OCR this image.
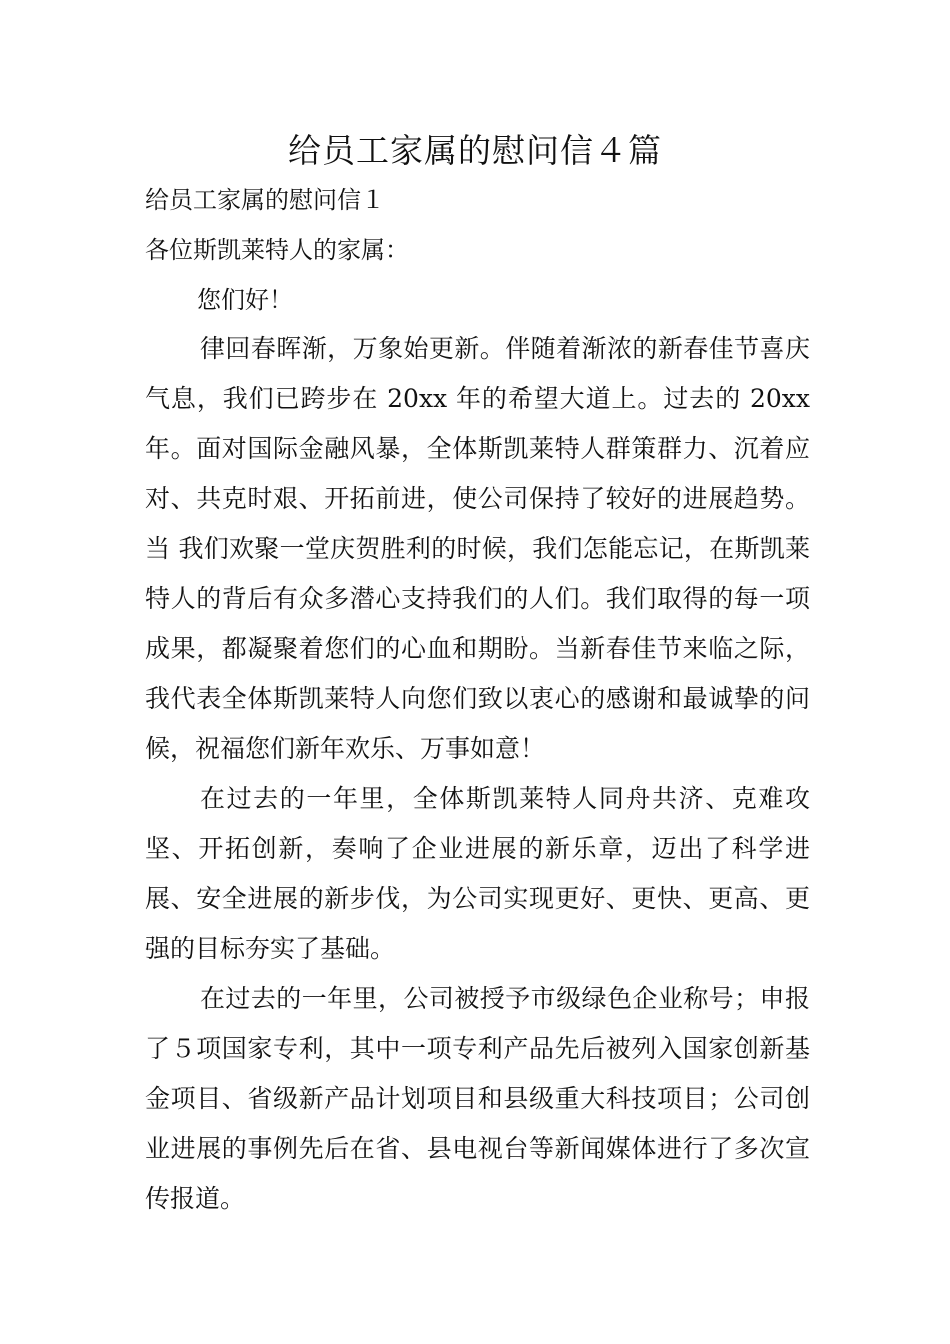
给员工家属的慰问信４篇
给员工家属的慰问信１
各位斯凯莱特人的家属：
您们好！

律回春晖渐，万象始更新。伴随着渐浓的新春佳节喜庆气息，我们已跨步在 20xx 年的希望大道上。过去的 20xx 年。面对国际金融风暴，全体斯凯莱特人群策群力、沉着应对、共克时艰、开拓前进，使公司保持了较好的进展趋势。当 我们欢聚一堂庆贺胜利的时候，我们怎能忘记，在斯凯莱特人的背后有众多潜心支持我们的人们。我们取得的每一项成果，都凝聚着您们的心血和期盼。当新春佳节来临之际，我代表全体斯凯莱特人向您们致以衷心的感谢和最诚挚的问候，祝福您们新年欢乐、万事如意！

在过去的一年里，全体斯凯莱特人同舟共济、克难攻坚、开拓创新，奏响了企业进展的新乐章，迈出了科学进展、安全进展的新步伐，为公司实现更好、更快、更高、更强的目标夯实了基础。

在过去的一年里，公司被授予市级绿色企业称号；申报了５项国家专利，其中一项专利产品先后被列入国家创新基金项目、省级新产品计划项目和县级重大科技项目；公司创业进展的事例先后在省、县电视台等新闻媒体进行了多次宣传报道。
